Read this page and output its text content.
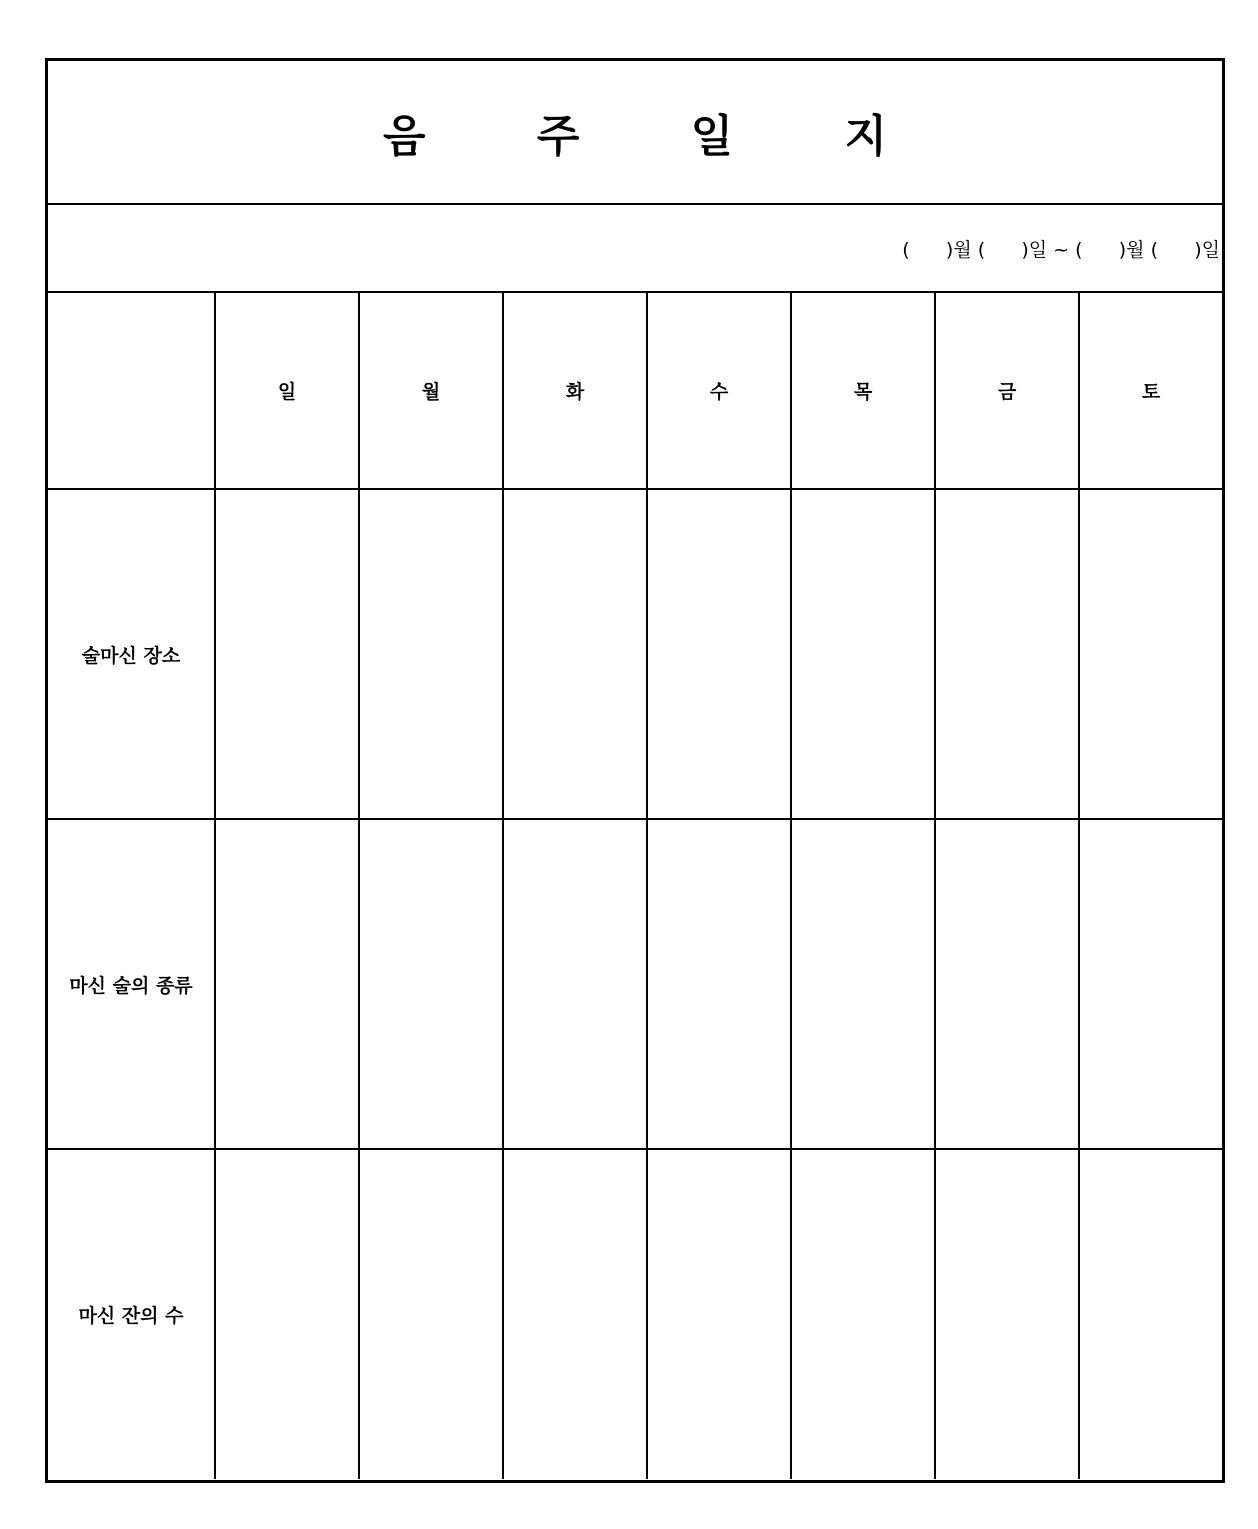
음 주 일 지
(      )월 (      )일 ~ (      )월 (      )일
	일	월	화	수	목	금	토
술마신 장소							
마신 술의 종류							
마신 잔의 수							
